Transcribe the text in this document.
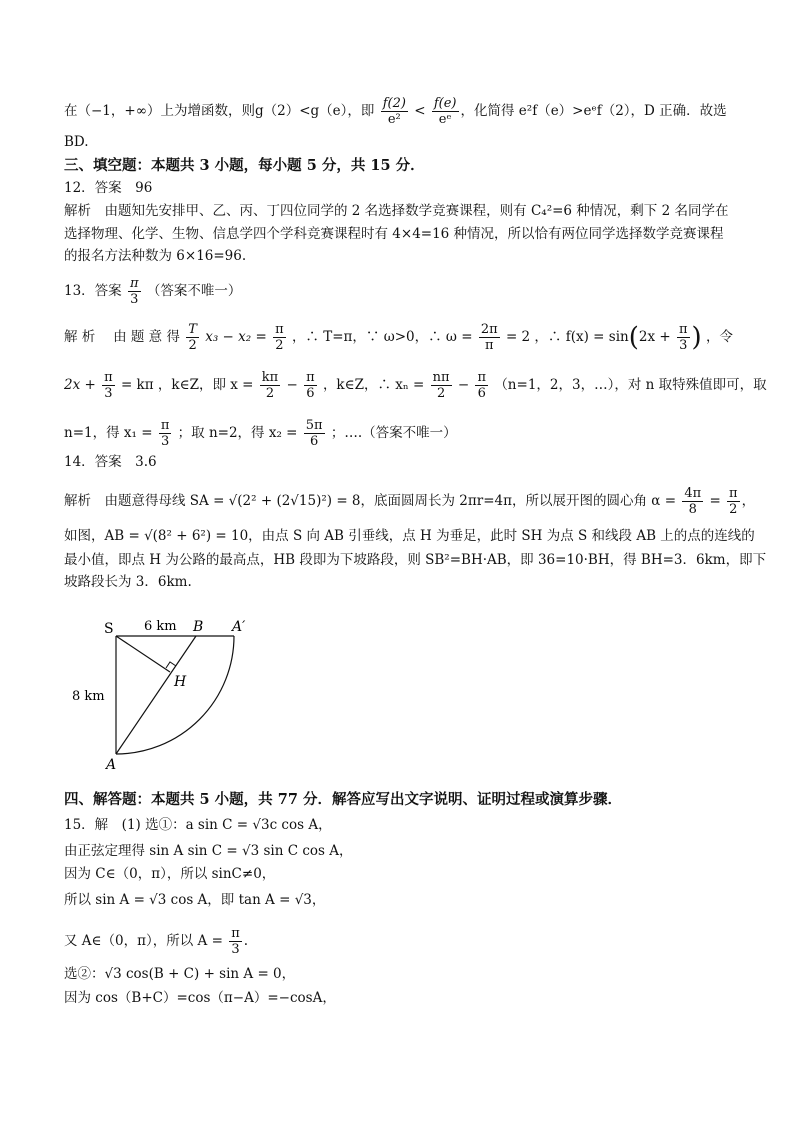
在（−1，+∞）上为增函数，则g（2）<g（e），即 $\frac{f(2)}{\text{e²}} < \frac{f(e)}{\text{eᵉ}}$ ，化简得 e²f（e）>eᵉf（2），D 正确．故选
BD.
三、填空题：本题共 3 小题，每小题 5 分，共 15 分．
12．答案　96
解析　由题知先安排甲、乙、丙、丁四位同学的 2 名选择数学竞赛课程，则有 C₄²=6 种情况，剩下 2 名同学在
选择物理、化学、生物、信息学四个学科竞赛课程时有 4×4=16 种情况，所以恰有两位同学选择数学竞赛课程
的报名方法种数为 6×16=96.
13．答案 $\frac{\pi}{3}$ （答案不唯一）
解 析　 由 题 意 得 $\frac{T}{2} x_3 - x_2 = \frac{\pi}{2}$ ，∴ T=π，∵ ω>0，∴ $\omega = \frac{2\pi}{\pi} = 2$ ，∴ $f(x) = \sin(2x + \frac{\pi}{3}$ ) ，令
$2x + \frac{\pi}{3} = k\pi$ ，k∈Z，即 $x = \frac{k\pi}{2} - \frac{\pi}{6}$ ，k∈Z，∴ $x_n = \frac{n\pi}{2} - \frac{\pi}{6} (n=1$，2，3，…），对 n 取特殊值即可，取
n=1，得 $x_1 = \frac{\pi}{3}$ ；取 n=2，得 $x_2 = \frac{5\pi}{6}$ ；….（答案不唯一）
14．答案　3.6
解析　由题意得母线 SA = √(2² + (2√15)²) = 8，底面圆周长为 2πr=4π，所以展开图的圆心角 $\alpha = \frac{4\pi}{8} = \frac{\pi}{2}$ ，
如图，AB = √(8² + 6²) = 10，由点 S 向 AB 引垂线，点 H 为垂足，此时 SH 为点 S 和线段 AB 上的点的连线的
最小值，即点 H 为公路的最高点，HB 段即为下坡路段，则 SB²=BH·AB，即 36=10·BH，得 BH=3．6km，即下
坡路段长为 3．6km.
S 6 km B A′
H
8 km
A
四、解答题：本题共 5 小题，共 77 分．解答应写出文字说明、证明过程或演算步骤．
15．解　(1) 选①：a sin C = √3c cos A，
由正弦定理得 sin A sin C = √3 sin C cos A，
因为 C∈（0，π），所以 sinC≠0，
所以 sin A = √3 cos A，即 tan A = √3，
又 A∈（0，π），所以 $A = \frac{\pi}{3}$ .
选②：√3 cos(B + C) + sin A = 0，
因为 cos（B+C）=cos（π−A）=−cosA，
